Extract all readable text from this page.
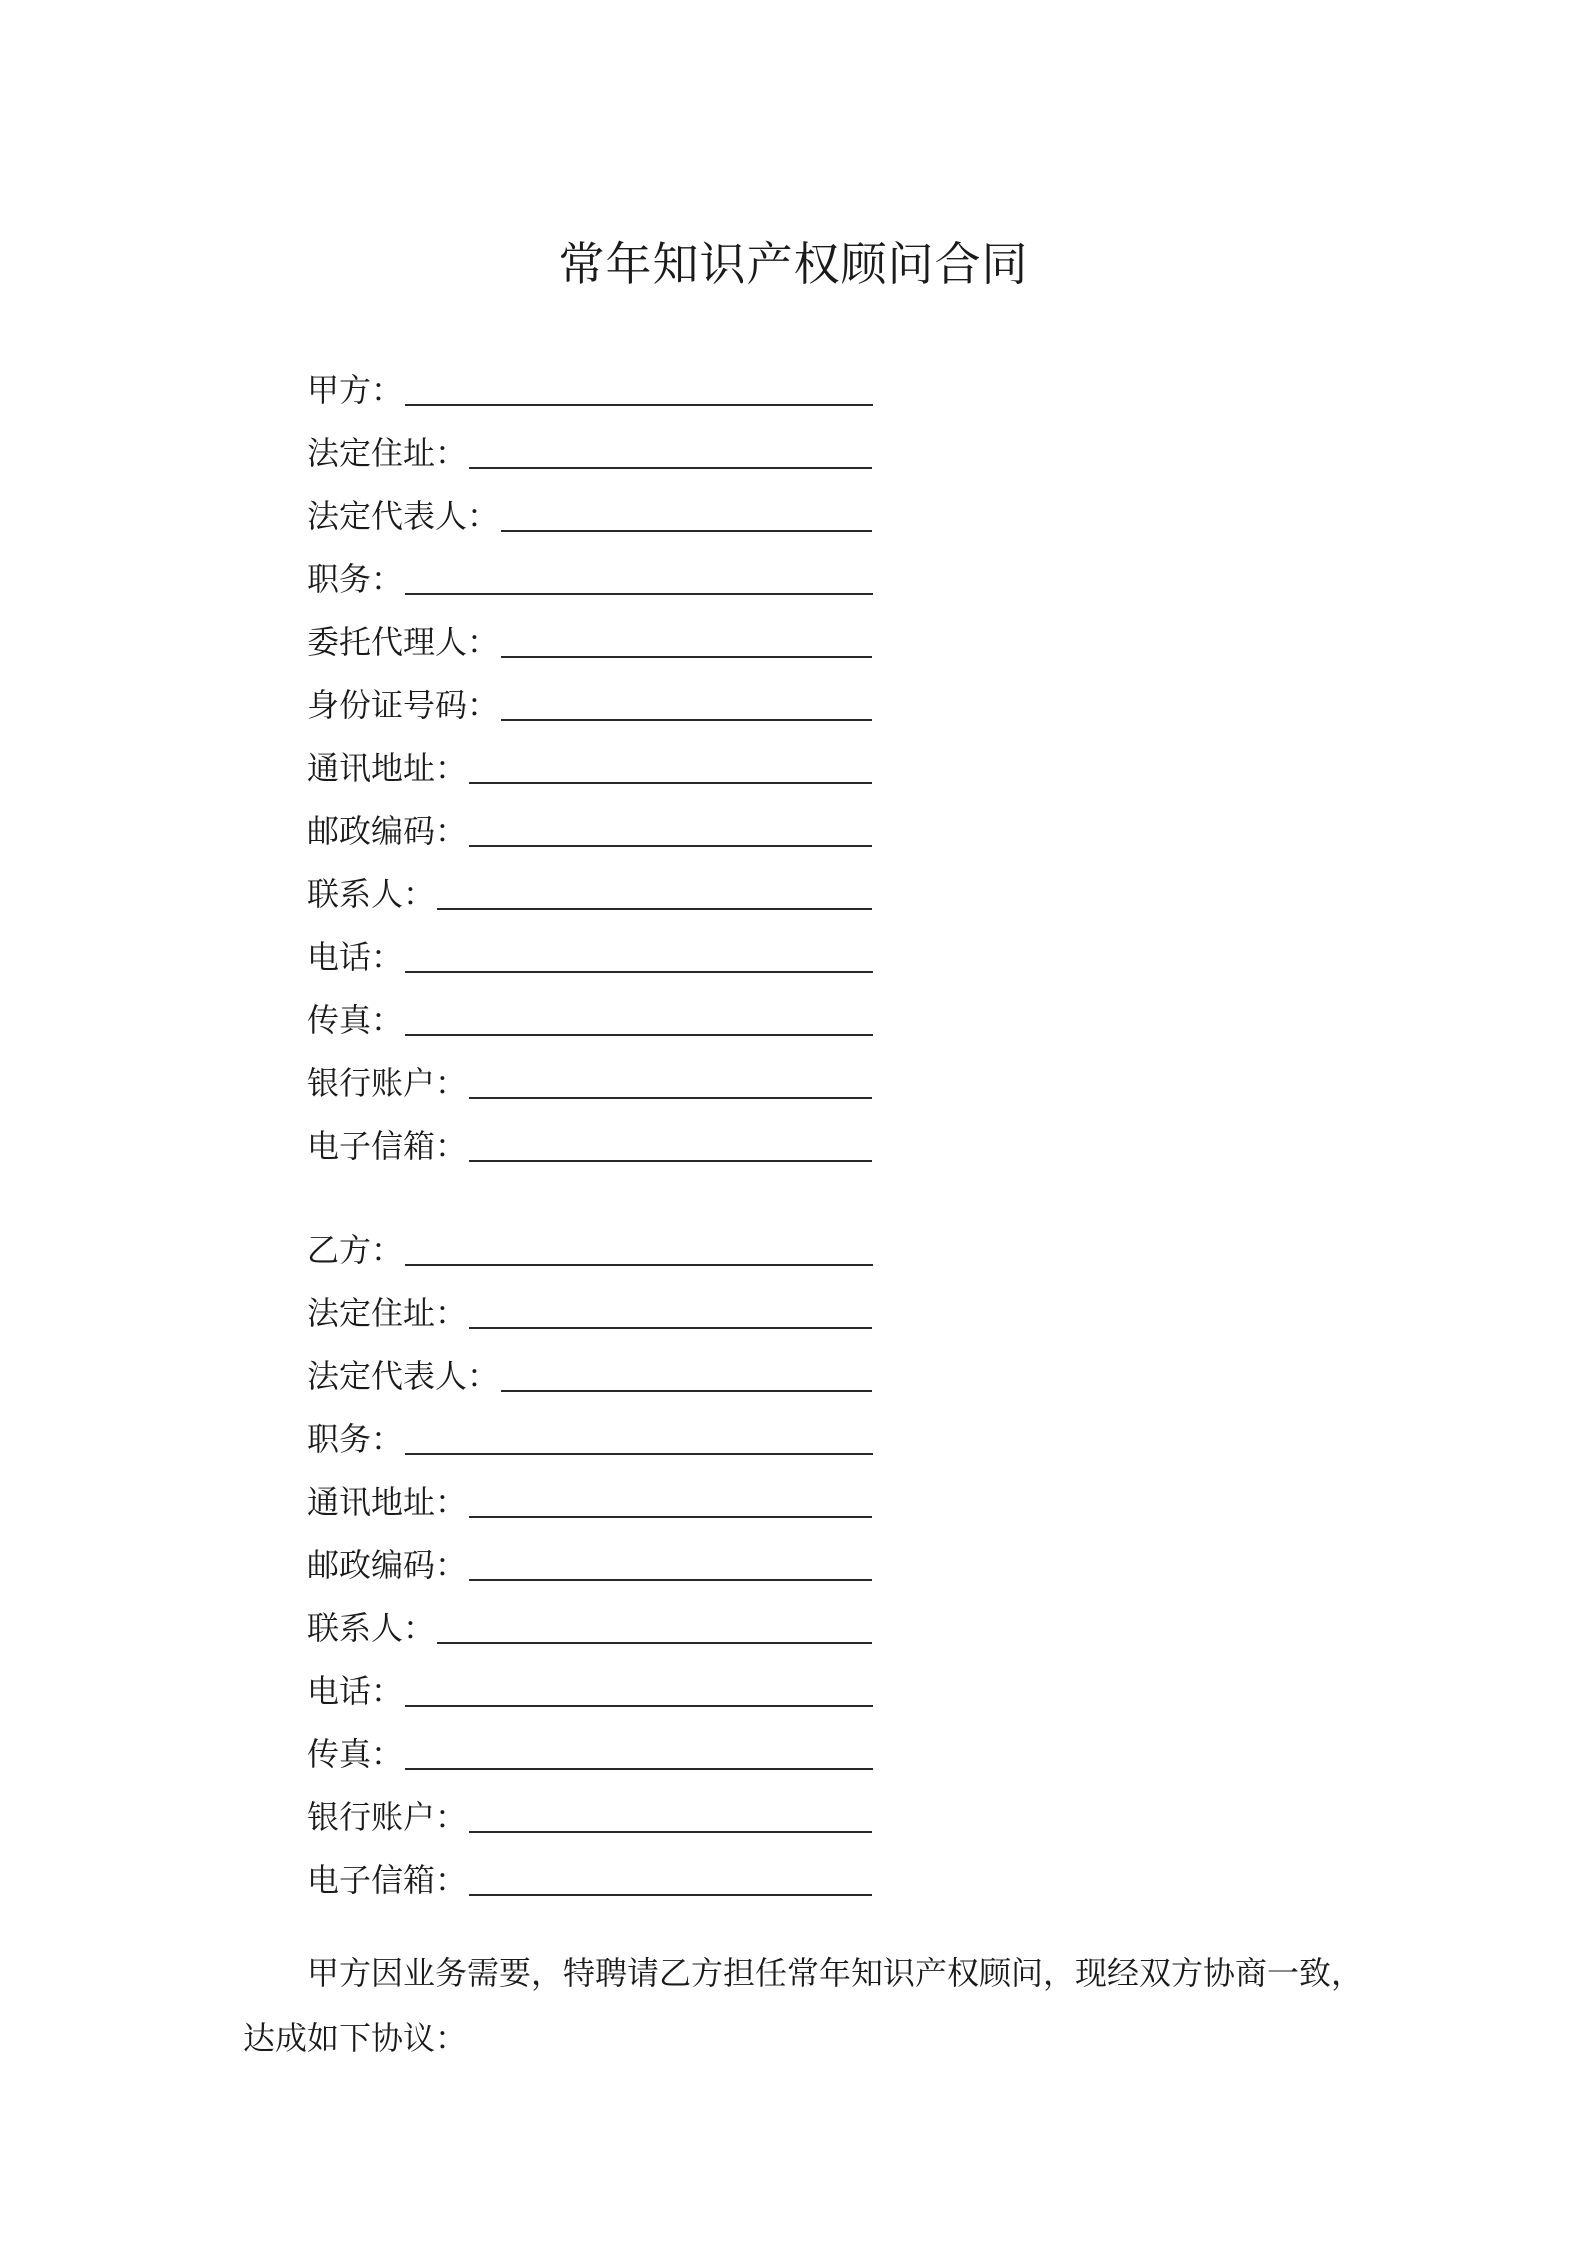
常年知识产权顾问合同
甲方：
法定住址：
法定代表人：
职务：
委托代理人：
身份证号码：
通讯地址：
邮政编码：
联系人：
电话：
传真：
银行账户：
电子信箱：
乙方：
法定住址：
法定代表人：
职务：
通讯地址：
邮政编码：
联系人：
电话：
传真：
银行账户：
电子信箱：
甲方因业务需要，特聘请乙方担任常年知识产权顾问，现经双方协商一致，
达成如下协议：
